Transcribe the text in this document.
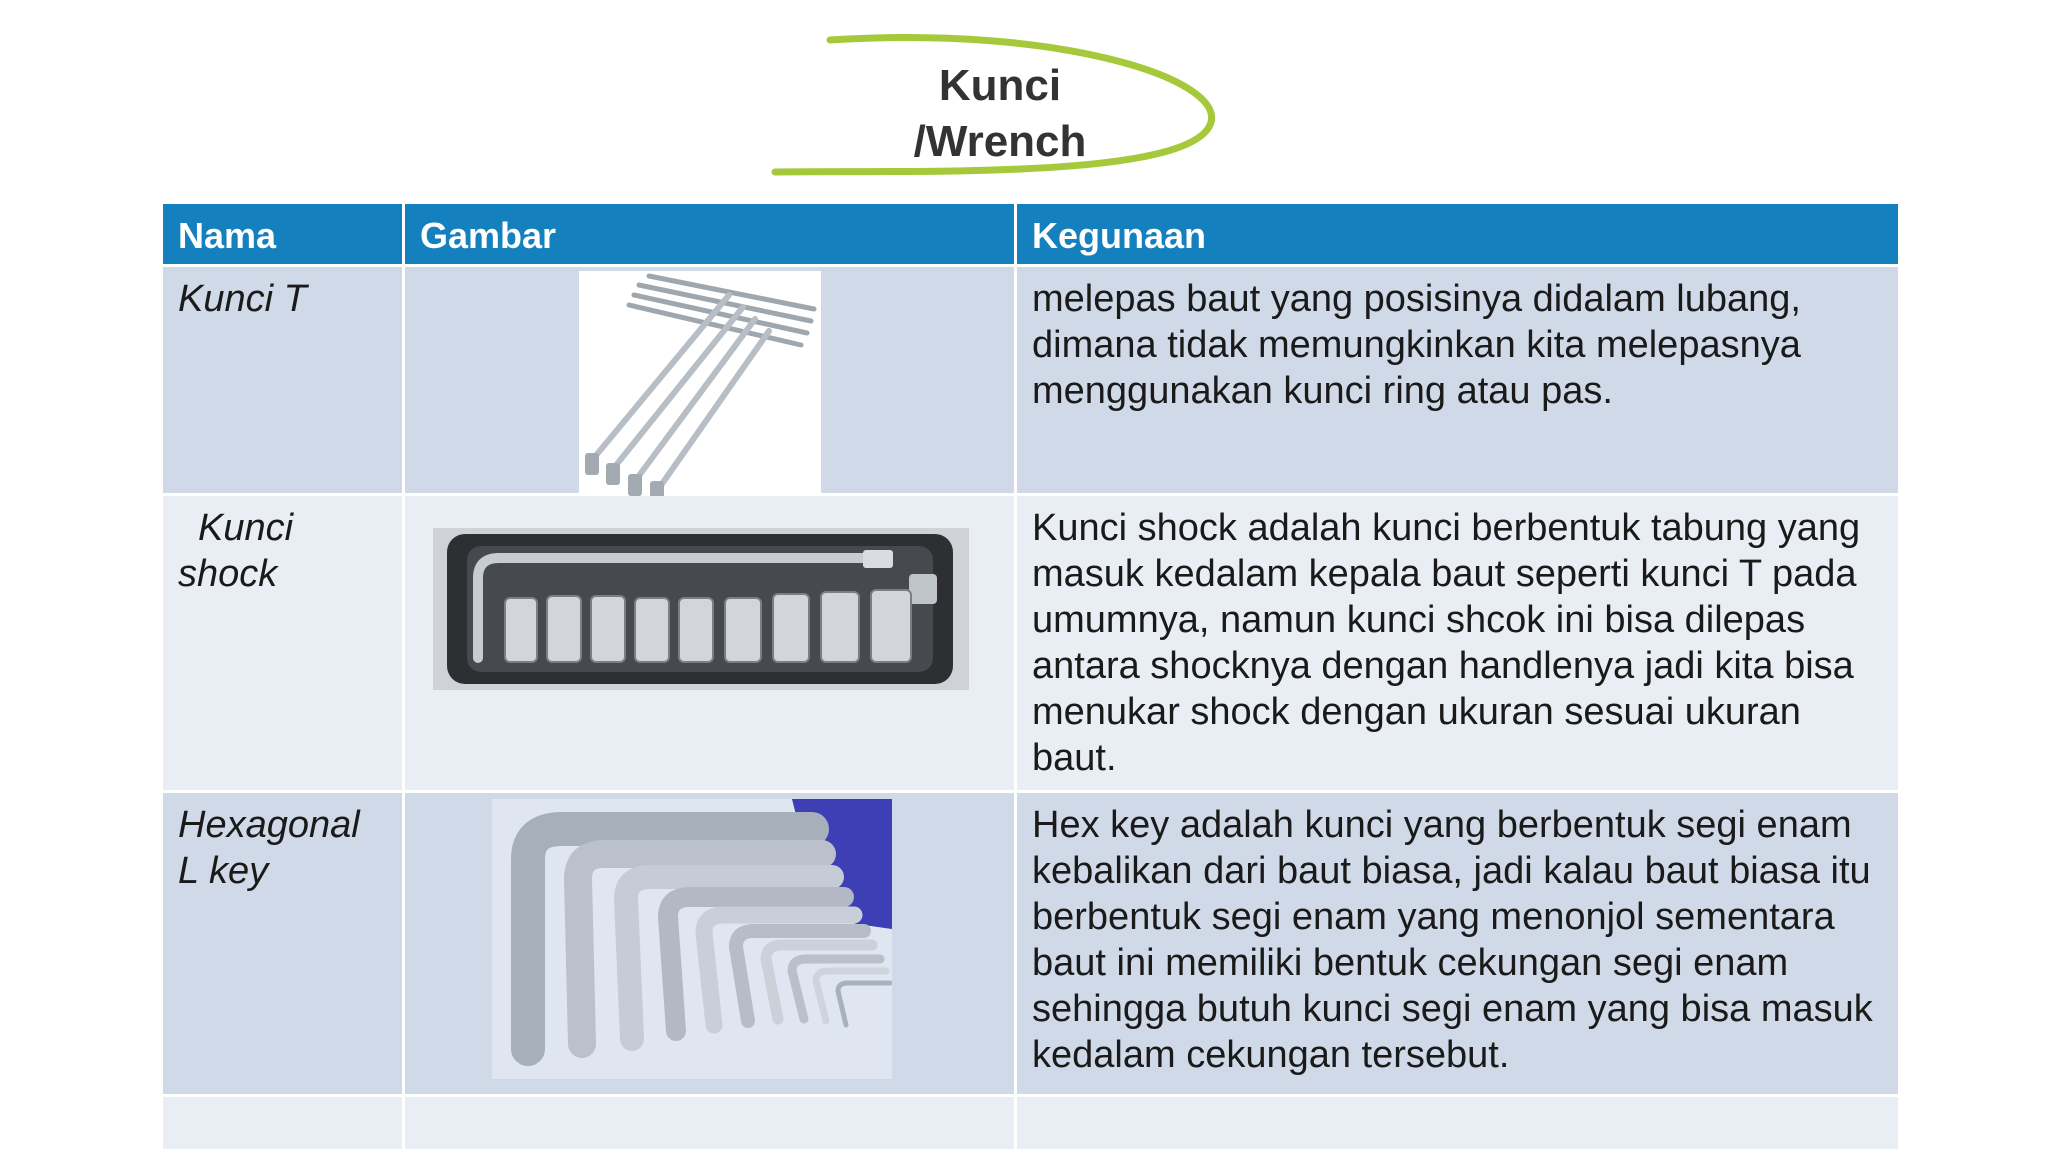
Kunci
/Wrench
Nama	Gambar	Kegunaan

Kunci T		melepas baut yang posisinya didalam lubang, dimana tidak memungkinkan kita melepasnya menggunakan kunci ring atau pas.

Kunci
shock		Kunci shock adalah kunci berbentuk tabung yang masuk kedalam kepala baut seperti kunci T pada umumnya, namun kunci shcok ini bisa dilepas antara shocknya dengan handlenya jadi kita bisa menukar shock dengan ukuran sesuai ukuran baut.

Hexagonal
L key		Hex key adalah kunci yang berbentuk segi enam kebalikan dari baut biasa, jadi kalau baut biasa itu berbentuk segi enam yang menonjol sementara baut ini memiliki bentuk cekungan segi enam sehingga butuh kunci segi enam yang bisa masuk kedalam cekungan tersebut.
